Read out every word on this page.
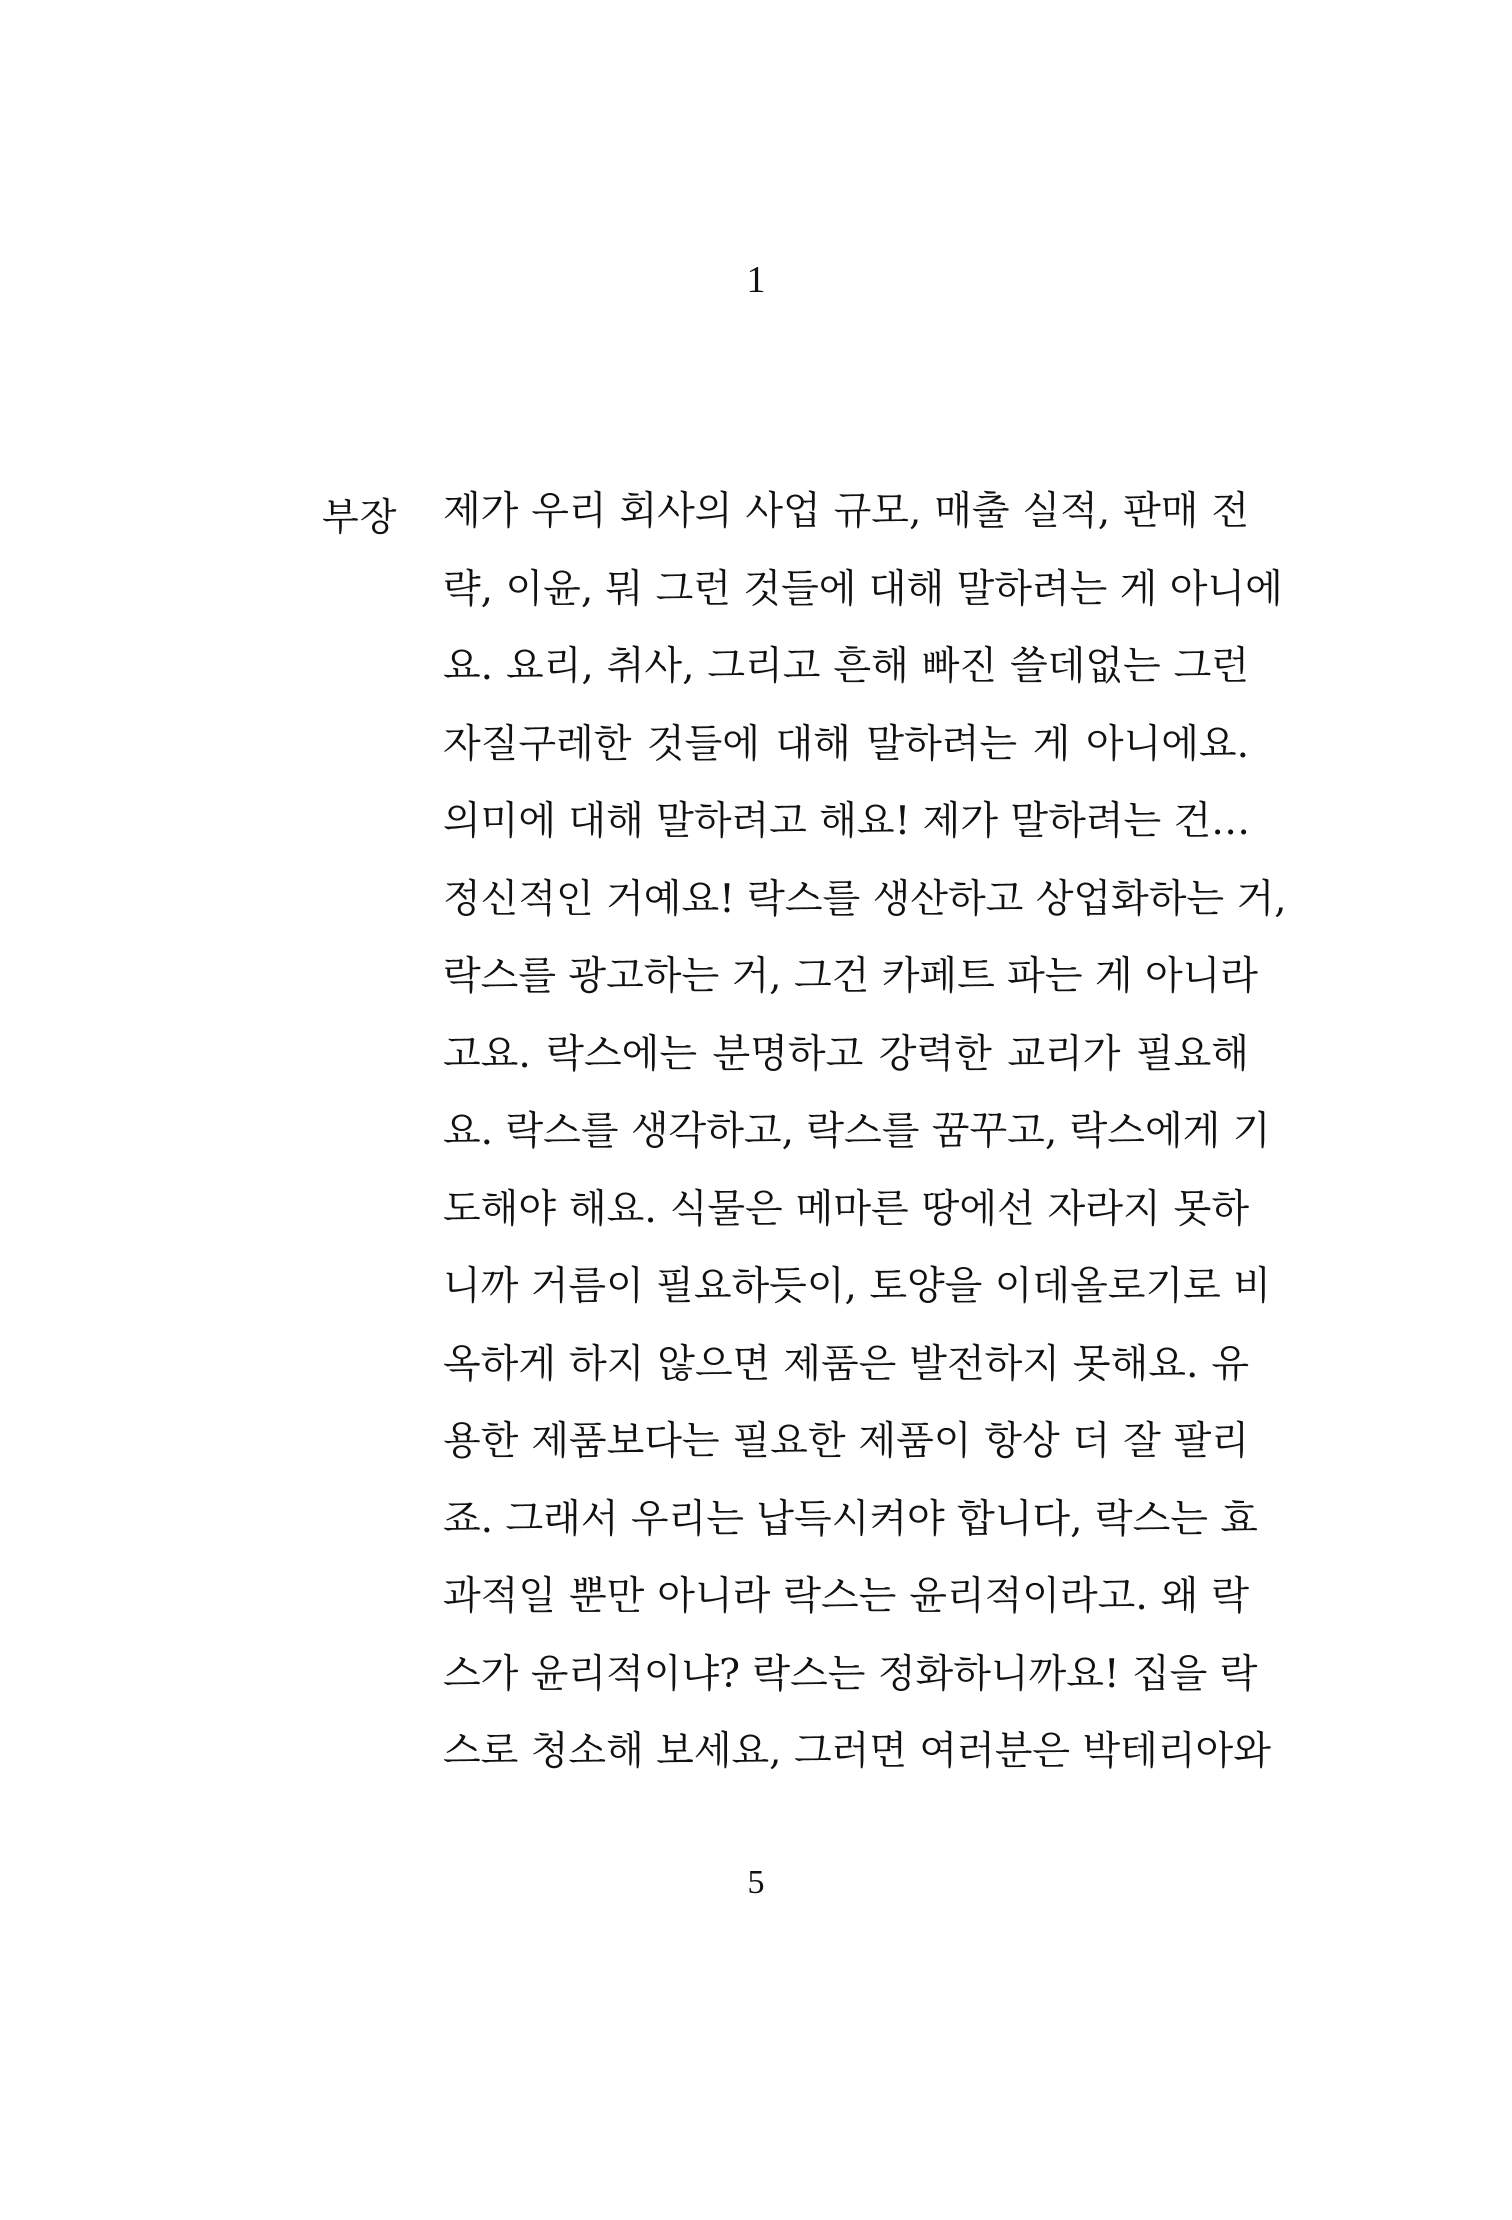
1
부장 제가 우리 회사의 사업 규모, 매출 실적, 판매 전
략, 이윤, 뭐 그런 것들에 대해 말하려는 게 아니에
요. 요리, 취사, 그리고 흔해 빠진 쓸데없는 그런
자질구레한 것들에 대해 말하려는 게 아니에요.
의미에 대해 말하려고 해요! 제가 말하려는 건…
정신적인 거예요! 락스를 생산하고 상업화하는 거,
락스를 광고하는 거, 그건 카페트 파는 게 아니라
고요. 락스에는 분명하고 강력한 교리가 필요해
요. 락스를 생각하고, 락스를 꿈꾸고, 락스에게 기
도해야 해요. 식물은 메마른 땅에선 자라지 못하
니까 거름이 필요하듯이, 토양을 이데올로기로 비
옥하게 하지 않으면 제품은 발전하지 못해요. 유
용한 제품보다는 필요한 제품이 항상 더 잘 팔리
죠. 그래서 우리는 납득시켜야 합니다, 락스는 효
과적일 뿐만 아니라 락스는 윤리적이라고. 왜 락
스가 윤리적이냐? 락스는 정화하니까요! 집을 락
스로 청소해 보세요, 그러면 여러분은 박테리아와
5
